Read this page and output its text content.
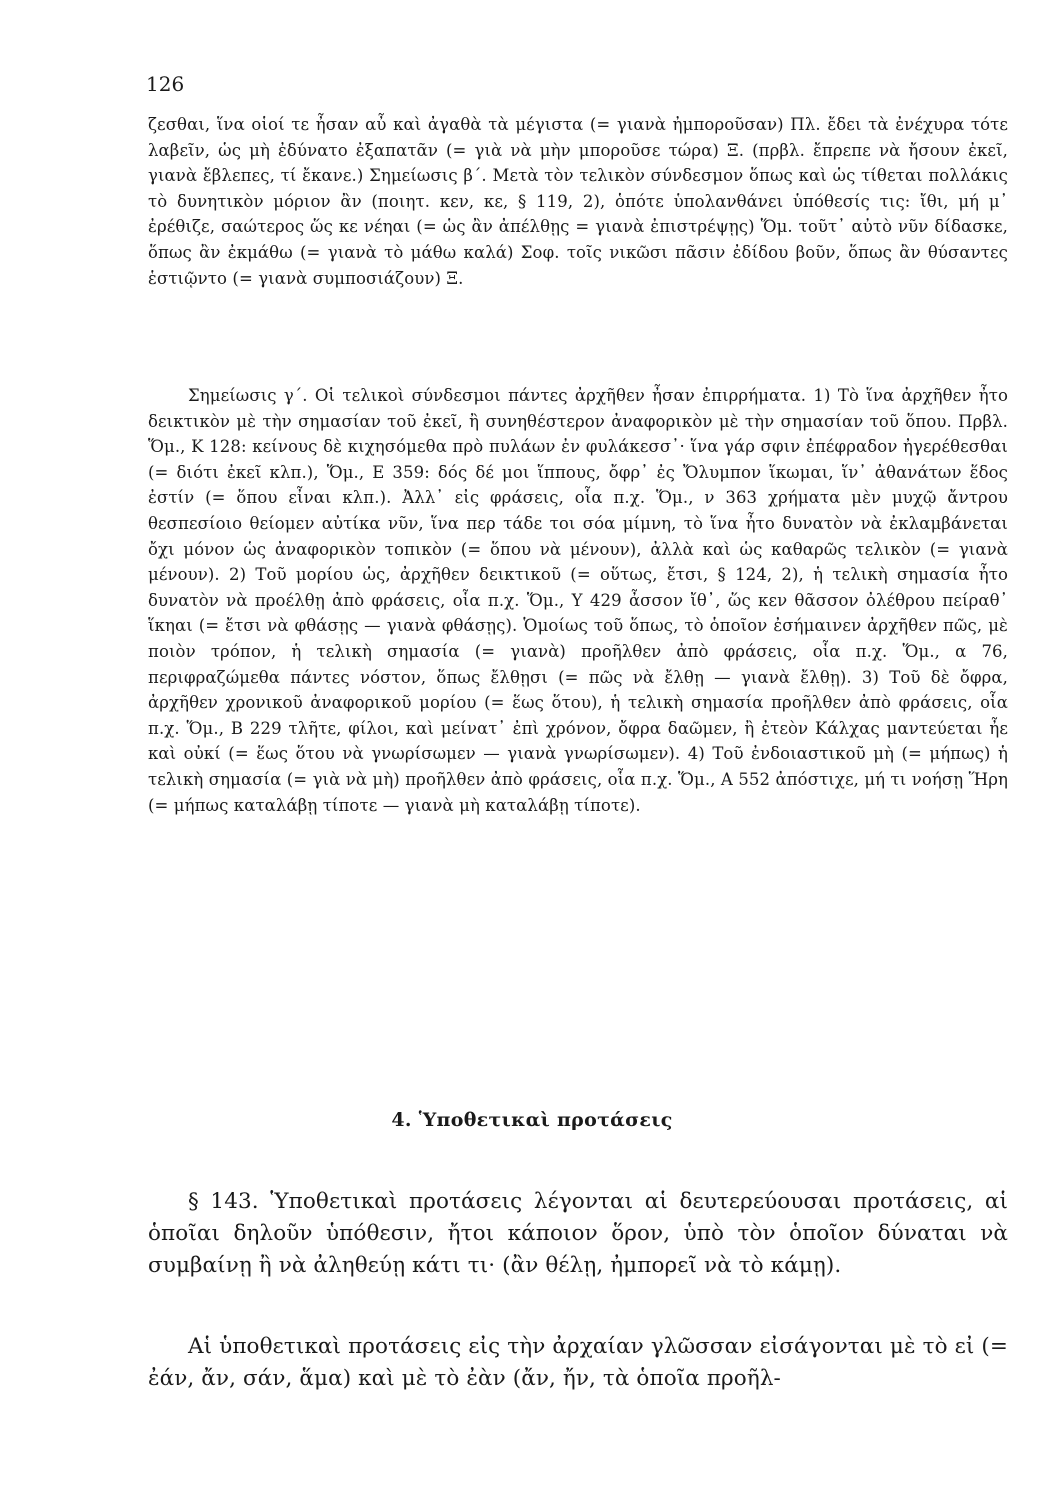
126
ζεσθαι, ἵνα οἱοί τε ἦσαν αὖ καὶ ἀγαθὰ τὰ μέγιστα (= γιανὰ ἠμποροῦσαν) Πλ. ἔδει τὰ ἐνέχυρα τότε λαβεῖν, ὡς μὴ ἐδύνατο ἐξαπατᾶν (= γιὰ νὰ μὴν μποροῦσε τώρα) Ξ. (πρβλ. ἔπρεπε νὰ ἤσουν ἐκεῖ, γιανὰ ἔβλεπες, τί ἔκανε.) Σημείωσις β΄. Μετὰ τὸν τελικὸν σύνδεσμον ὅπως καὶ ὡς τίθεται πολλάκις τὸ δυνητικὸν μόριον ἂν (ποιητ. κεν, κε, § 119, 2), ὁπότε ὑπολανθάνει ὑπόθεσίς τις: ἴθι, μή μ᾽ ἐρέθιζε, σαώτερος ὥς κε νέηαι (= ὡς ἂν ἀπέλθῃς = γιανὰ ἐπιστρέψῃς) Ὅμ. τοῦτ᾽ αὐτὸ νῦν δίδασκε, ὅπως ἂν ἐκμάθω (= γιανὰ τὸ μάθω καλά) Σοφ. τοῖς νικῶσι πᾶσιν ἐδίδου βοῦν, ὅπως ἂν θύσαντες ἑστιῷντο (= γιανὰ συμποσιάζουν) Ξ.
Σημείωσις γ΄. Οἱ τελικοὶ σύνδεσμοι πάντες ἀρχῆθεν ἦσαν ἐπιρρήματα. 1) Τὸ ἵνα ἀρχῆθεν ἦτο δεικτικὸν μὲ τὴν σημασίαν τοῦ ἐκεῖ, ἢ συνηθέστερον ἀναφορικὸν μὲ τὴν σημασίαν τοῦ ὅπου. Πρβλ. Ὅμ., Κ 128: κείνους δὲ κιχησόμεθα πρὸ πυλάων ἐν φυλάκεσσ᾽· ἵνα γάρ σφιν ἐπέφραδον ἠγερέθεσθαι (= διότι ἐκεῖ κλπ.), Ὅμ., Ε 359: δός δέ μοι ἵππους, ὄφρ᾽ ἐς Ὄλυμπον ἵκωμαι, ἵν᾽ ἀθανάτων ἕδος ἐστίν (= ὅπου εἶναι κλπ.). Ἀλλ᾽ εἰς φράσεις, οἷα π.χ. Ὅμ., ν 363 χρήματα μὲν μυχῷ ἄντρου θεσπεσίοιο θείομεν αὐτίκα νῦν, ἵνα περ τάδε τοι σόα μίμνη, τὸ ἵνα ἦτο δυνατὸν νὰ ἐκλαμβάνεται ὄχι μόνον ὡς ἀναφορικὸν τοπικὸν (= ὅπου νὰ μένουν), ἀλλὰ καὶ ὡς καθαρῶς τελικὸν (= γιανὰ μένουν). 2) Τοῦ μορίου ὡς, ἀρχῆθεν δεικτικοῦ (= οὕτως, ἔτσι, § 124, 2), ἡ τελικὴ σημασία ἦτο δυνατὸν νὰ προέλθῃ ἀπὸ φράσεις, οἷα π.χ. Ὅμ., Υ 429 ἆσσον ἴθ᾽, ὥς κεν θᾶσσον ὀλέθρου πείραθ᾽ ἵκηαι (= ἔτσι νὰ φθάσῃς — γιανὰ φθάσῃς). Ὁμοίως τοῦ ὅπως, τὸ ὁποῖον ἐσήμαινεν ἀρχῆθεν πῶς, μὲ ποιὸν τρόπον, ἡ τελικὴ σημασία (= γιανὰ) προῆλθεν ἀπὸ φράσεις, οἷα π.χ. Ὅμ., α 76, περιφραζώμεθα πάντες νόστον, ὅπως ἔλθῃσι (= πῶς νὰ ἔλθῃ — γιανὰ ἔλθῃ). 3) Τοῦ δὲ ὄφρα, ἀρχῆθεν χρονικοῦ ἀναφορικοῦ μορίου (= ἕως ὅτου), ἡ τελικὴ σημασία προῆλθεν ἀπὸ φράσεις, οἷα π.χ. Ὅμ., Β 229 τλῆτε, φίλοι, καὶ μείνατ᾽ ἐπὶ χρόνον, ὄφρα δαῶμεν, ἢ ἐτεὸν Κάλχας μαντεύεται ἦε καὶ οὐκί (= ἕως ὅτου νὰ γνωρίσωμεν — γιανὰ γνωρίσωμεν). 4) Τοῦ ἐνδοιαστικοῦ μὴ (= μήπως) ἡ τελικὴ σημασία (= γιὰ νὰ μὴ) προῆλθεν ἀπὸ φράσεις, οἷα π.χ. Ὅμ., Α 552 ἀπόστιχε, μή τι νοήσῃ Ἥρη (= μήπως καταλάβῃ τίποτε — γιανὰ μὴ καταλάβῃ τίποτε).
4. Ὑποθετικαὶ προτάσεις
§ 143. Ὑποθετικαὶ προτάσεις λέγονται αἱ δευτερεύουσαι προτάσεις, αἱ ὁποῖαι δηλοῦν ὑπόθεσιν, ἤτοι κάποιον ὅρον, ὑπὸ τὸν ὁποῖον δύναται νὰ συμβαίνῃ ἢ νὰ ἀληθεύῃ κάτι τι· (ἂν θέλῃ, ἠμπορεῖ νὰ τὸ κάμῃ).
Αἱ ὑποθετικαὶ προτάσεις εἰς τὴν ἀρχαίαν γλῶσσαν εἰσάγονται μὲ τὸ εἰ (= ἐάν, ἄν, σάν, ἅμα) καὶ μὲ τὸ ἐὰν (ἄν, ἤν, τὰ ὁποῖα προῆλ-
